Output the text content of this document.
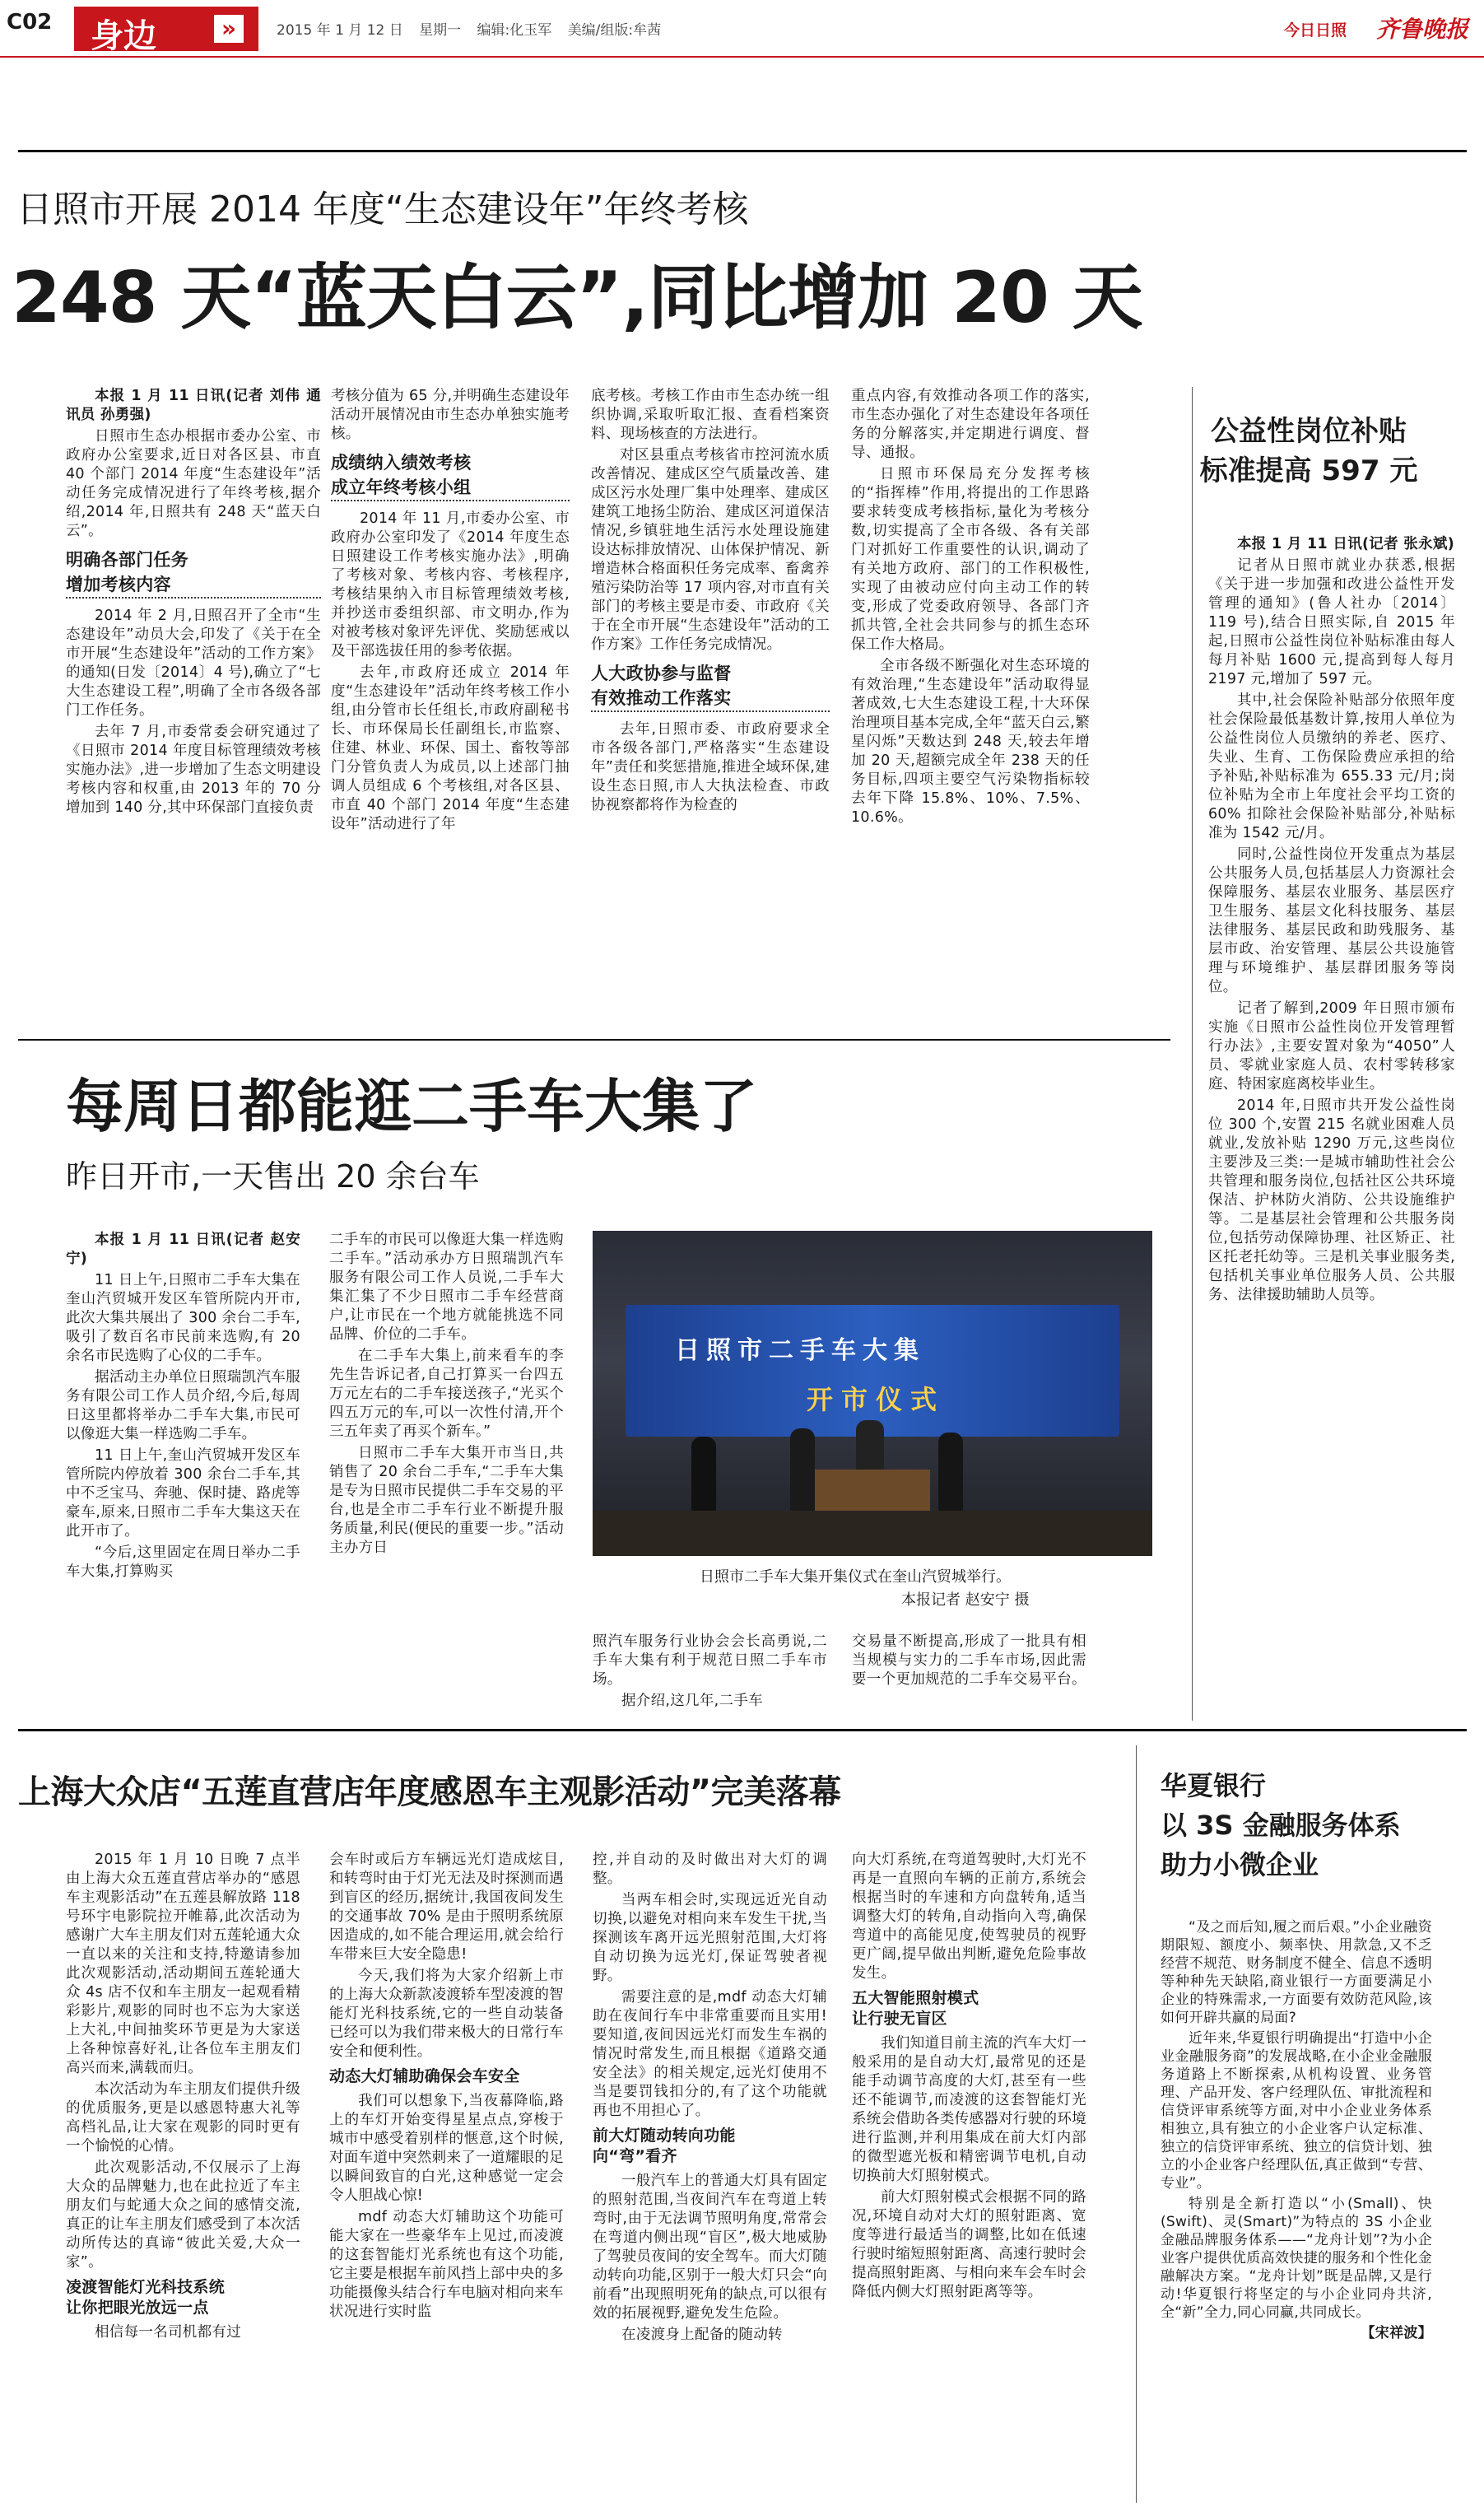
C02 身边	»	2015 年 1 月 12 日 星期一 编辑:化玉军 美编/组版:牟茜	今日日照 齐鲁晚报
日照市开展 2014 年度“生态建设年”年终考核
248 天“蓝天白云”,同比增加 20 天

本报 1 月 11 日讯(记者 刘伟 通讯员 孙勇强)

日照市生态办根据市委办公室、市政府办公室要求,近日对各区县、市直 40 个部门 2014 年度“生态建设年”活动任务完成情况进行了年终考核,据介绍,2014 年,日照共有 248 天“蓝天白云”。

明确各部门任务
增加考核内容

2014 年 2 月,日照召开了全市“生态建设年”动员大会,印发了《关于在全市开展“生态建设年”活动的工作方案》的通知(日发〔2014〕4 号),确立了“七大生态建设工程”,明确了全市各级各部门工作任务。

去年 7 月,市委常委会研究通过了《日照市 2014 年度目标管理绩效考核实施办法》,进一步增加了生态文明建设考核内容和权重,由 2013 年的 70 分增加到 140 分,其中环保部门直接负责

考核分值为 65 分,并明确生态建设年活动开展情况由市生态办单独实施考核。

成绩纳入绩效考核
成立年终考核小组

2014 年 11 月,市委办公室、市政府办公室印发了《2014 年度生态日照建设工作考核实施办法》,明确了考核对象、考核内容、考核程序,考核结果纳入市目标管理绩效考核,并抄送市委组织部、市文明办,作为对被考核对象评先评优、奖励惩戒以及干部选拔任用的参考依据。

去年,市政府还成立 2014 年度“生态建设年”活动年终考核工作小组,由分管市长任组长,市政府副秘书长、市环保局长任副组长,市监察、住建、林业、环保、国土、畜牧等部门分管负责人为成员,以上述部门抽调人员组成 6 个考核组,对各区县、市直 40 个部门 2014 年度“生态建设年”活动进行了年

底考核。考核工作由市生态办统一组织协调,采取听取汇报、查看档案资料、现场核查的方法进行。

对区县重点考核省市控河流水质改善情况、建成区空气质量改善、建成区污水处理厂集中处理率、建成区建筑工地扬尘防治、建成区河道保洁情况,乡镇驻地生活污水处理设施建设达标排放情况、山体保护情况、新增造林合格面积任务完成率、畜禽养殖污染防治等 17 项内容,对市直有关部门的考核主要是市委、市政府《关于在全市开展“生态建设年”活动的工作方案》工作任务完成情况。

人大政协参与监督
有效推动工作落实

去年,日照市委、市政府要求全市各级各部门,严格落实“生态建设年”责任和奖惩措施,推进全域环保,建设生态日照,市人大执法检查、市政协视察都将作为检查的

重点内容,有效推动各项工作的落实,市生态办强化了对生态建设年各项任务的分解落实,并定期进行调度、督导、通报。

日照市环保局充分发挥考核的“指挥棒”作用,将提出的工作思路要求转变成考核指标,量化为考核分数,切实提高了全市各级、各有关部门对抓好工作重要性的认识,调动了有关地方政府、部门的工作积极性,实现了由被动应付向主动工作的转变,形成了党委政府领导、各部门齐抓共管,全社会共同参与的抓生态环保工作大格局。

全市各级不断强化对生态环境的有效治理,“生态建设年”活动取得显著成效,七大生态建设工程,十大环保治理项目基本完成,全年“蓝天白云,繁星闪烁”天数达到 248 天,较去年增加 20 天,超额完成全年 238 天的任务目标,四项主要空气污染物指标较去年下降 15.8%、10%、7.5%、10.6%。

公益性岗位补贴
标准提高 597 元

本报 1 月 11 日讯(记者 张永斌)

记者从日照市就业办获悉,根据《关于进一步加强和改进公益性开发管理的通知》(鲁人社办〔2014〕119 号),结合日照实际,自 2015 年起,日照市公益性岗位补贴标准由每人每月补贴 1600 元,提高到每人每月 2197 元,增加了 597 元。

其中,社会保险补贴部分依照年度社会保险最低基数计算,按用人单位为公益性岗位人员缴纳的养老、医疗、失业、生育、工伤保险费应承担的给予补贴,补贴标准为 655.33 元/月;岗位补贴为全市上年度社会平均工资的 60% 扣除社会保险补贴部分,补贴标准为 1542 元/月。

同时,公益性岗位开发重点为基层公共服务人员,包括基层人力资源社会保障服务、基层农业服务、基层医疗卫生服务、基层文化科技服务、基层法律服务、基层民政和助残服务、基层市政、治安管理、基层公共设施管理与环境维护、基层群团服务等岗位。

记者了解到,2009 年日照市颁布实施《日照市公益性岗位开发管理暂行办法》,主要安置对象为“4050”人员、零就业家庭人员、农村零转移家庭、特困家庭离校毕业生。

2014 年,日照市共开发公益性岗位 300 个,安置 215 名就业困难人员就业,发放补贴 1290 万元,这些岗位主要涉及三类:一是城市辅助性社会公共管理和服务岗位,包括社区公共环境保洁、护林防火消防、公共设施维护等。二是基层社会管理和公共服务岗位,包括劳动保障协理、社区矫正、社区托老托幼等。三是机关事业服务类,包括机关事业单位服务人员、公共服务、法律援助辅助人员等。

每周日都能逛二手车大集了
昨日开市,一天售出 20 余台车

本报 1 月 11 日讯(记者 赵安宁)

11 日上午,日照市二手车大集在奎山汽贸城开发区车管所院内开市,此次大集共展出了 300 余台二手车,吸引了数百名市民前来选购,有 20 余名市民选购了心仪的二手车。

据活动主办单位日照瑞凯汽车服务有限公司工作人员介绍,今后,每周日这里都将举办二手车大集,市民可以像逛大集一样选购二手车。

11 日上午,奎山汽贸城开发区车管所院内停放着 300 余台二手车,其中不乏宝马、奔驰、保时捷、路虎等豪车,原来,日照市二手车大集这天在此开市了。

“今后,这里固定在周日举办二手车大集,打算购买

二手车的市民可以像逛大集一样选购二手车。”活动承办方日照瑞凯汽车服务有限公司工作人员说,二手车大集汇集了不少日照市二手车经营商户,让市民在一个地方就能挑选不同品牌、价位的二手车。

在二手车大集上,前来看车的李先生告诉记者,自己打算买一台四五万元左右的二手车接送孩子,“光买个四五万元的车,可以一次性付清,开个三五年卖了再买个新车。”

日照市二手车大集开市当日,共销售了 20 余台二手车,“二手车大集是专为日照市民提供二手车交易的平台,也是全市二手车行业不断提升服务质量,利民(便民的重要一步。”活动主办方日

日照市二手车大集
开市仪式
日照市二手车大集开集仪式在奎山汽贸城举行。
本报记者 赵安宁 摄

照汽车服务行业协会会长高勇说,二手车大集有利于规范日照二手车市场。

据介绍,这几年,二手车

交易量不断提高,形成了一批具有相当规模与实力的二手车市场,因此需要一个更加规范的二手车交易平台。

上海大众店“五莲直营店年度感恩车主观影活动”完美落幕

2015 年 1 月 10 日晚 7 点半由上海大众五莲直营店举办的“感恩车主观影活动”在五莲县解放路 118 号环宇电影院拉开帷幕,此次活动为感谢广大车主朋友们对五莲轮通大众一直以来的关注和支持,特邀请参加此次观影活动,活动期间五莲轮通大众 4s 店不仅和车主朋友一起观看精彩影片,观影的同时也不忘为大家送上大礼,中间抽奖环节更是为大家送上各种惊喜好礼,让各位车主朋友们高兴而来,满载而归。

本次活动为车主朋友们提供升级的优质服务,更是以感恩特惠大礼等高档礼品,让大家在观影的同时更有一个愉悦的心情。

此次观影活动,不仅展示了上海大众的品牌魅力,也在此拉近了车主朋友们与蛇通大众之间的感情交流,真正的让车主朋友们感受到了本次活动所传达的真谛“彼此关爱,大众一家”。

凌渡智能灯光科技系统
让你把眼光放远一点

相信每一名司机都有过

会车时或后方车辆远光灯造成炫目,和转弯时由于灯光无法及时探测而遇到盲区的经历,据统计,我国夜间发生的交通事故 70% 是由于照明系统原因造成的,如不能合理运用,就会给行车带来巨大安全隐患!

今天,我们将为大家介绍新上市的上海大众新款凌渡轿车型凌渡的智能灯光科技系统,它的一些自动装备已经可以为我们带来极大的日常行车安全和便利性。

动态大灯辅助确保会车安全

我们可以想象下,当夜幕降临,路上的车灯开始变得星星点点,穿梭于城市中感受着别样的惬意,这个时候,对面车道中突然刺来了一道耀眼的足以瞬间致盲的白光,这种感觉一定会令人胆战心惊!

mdf 动态大灯辅助这个功能可能大家在一些豪华车上见过,而凌渡的这套智能灯光系统也有这个功能,它主要是根据车前风挡上部中央的多功能摄像头结合行车电脑对相向来车状况进行实时监

控,并自动的及时做出对大灯的调整。

当两车相会时,实现远近光自动切换,以避免对相向来车发生干扰,当探测该车离开远光照射范围,大灯将自动切换为远光灯,保证驾驶者视野。

需要注意的是,mdf 动态大灯辅助在夜间行车中非常重要而且实用!要知道,夜间因远光灯而发生车祸的情况时常发生,而且根据《道路交通安全法》的相关规定,远光灯使用不当是要罚钱扣分的,有了这个功能就再也不用担心了。

前大灯随动转向功能
向“弯”看齐

一般汽车上的普通大灯具有固定的照射范围,当夜间汽车在弯道上转弯时,由于无法调节照明角度,常常会在弯道内侧出现“盲区”,极大地威胁了驾驶员夜间的安全驾车。而大灯随动转向功能,区别于一般大灯只会“向前看”出现照明死角的缺点,可以很有效的拓展视野,避免发生危险。

在凌渡身上配备的随动转

向大灯系统,在弯道驾驶时,大灯光不再是一直照向车辆的正前方,系统会根据当时的车速和方向盘转角,适当调整大灯的转角,自动指向入弯,确保弯道中的高能见度,使驾驶员的视野更广阔,提早做出判断,避免危险事故发生。

五大智能照射模式
让行驶无盲区

我们知道目前主流的汽车大灯一般采用的是自动大灯,最常见的还是能手动调节高度的大灯,甚至有一些还不能调节,而凌渡的这套智能灯光系统会借助各类传感器对行驶的环境进行监测,并利用集成在前大灯内部的微型遮光板和精密调节电机,自动切换前大灯照射模式。

前大灯照射模式会根据不同的路况,环境自动对大灯的照射距离、宽度等进行最适当的调整,比如在低速行驶时缩短照射距离、高速行驶时会提高照射距离、与相向来车会车时会降低内侧大灯照射距离等等。

华夏银行
以 3S 金融服务体系
助力小微企业

“及之而后知,履之而后艰。”小企业融资期限短、额度小、频率快、用款急,又不乏经营不规范、财务制度不健全、信息不透明等种种先天缺陷,商业银行一方面要满足小企业的特殊需求,一方面要有效防范风险,该如何开辟共赢的局面?

近年来,华夏银行明确提出“打造中小企业金融服务商”的发展战略,在小企业金融服务道路上不断探索,从机构设置、业务管理、产品开发、客户经理队伍、审批流程和信贷评审系统等方面,对中小企业业务体系相独立,具有独立的小企业客户认定标准、独立的信贷评审系统、独立的信贷计划、独立的小企业客户经理队伍,真正做到“专营、专业”。

特别是全新打造以“小(Small)、快(Swift)、灵(Smart)”为特点的 3S 小企业金融品牌服务体系——“龙舟计划”?为小企业客户提供优质高效快捷的服务和个性化金融解决方案。“龙舟计划”既是品牌,又是行动!华夏银行将坚定的与小企业同舟共济,全“新”全力,同心同赢,共同成长。

【宋祥波】
